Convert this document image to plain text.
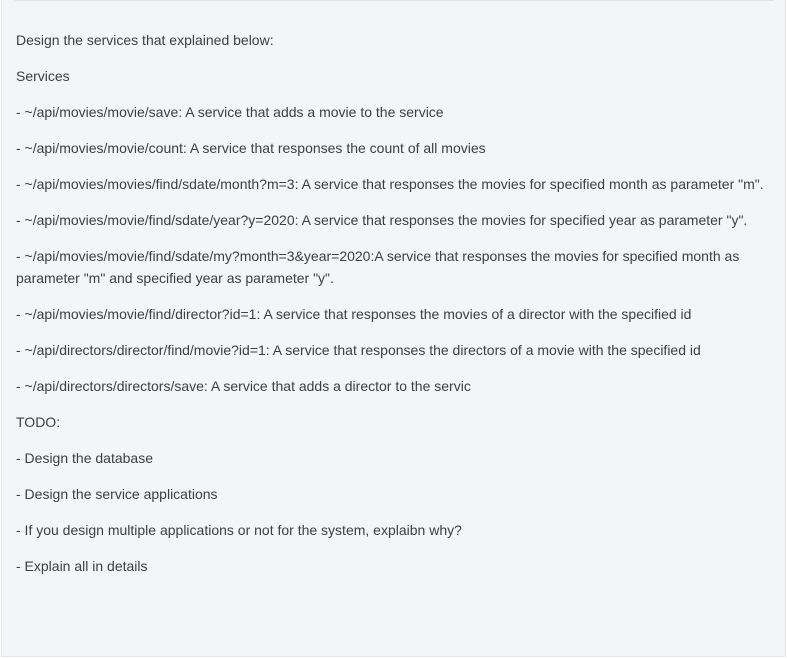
Design the services that explained below:

Services

- ~/api/movies/movie/save: A service that adds a movie to the service

- ~/api/movies/movie/count: A service that responses the count of all movies

- ~/api/movies/movies/find/sdate/month?m=3: A service that responses the movies for specified month as parameter "m".

- ~/api/movies/movie/find/sdate/year?y=2020: A service that responses the movies for specified year as parameter "y".

- ~/api/movies/movie/find/sdate/my?month=3&year=2020:A service that responses the movies for specified month as parameter "m" and specified year as parameter "y".

- ~/api/movies/movie/find/director?id=1: A service that responses the movies of a director with the specified id

- ~/api/directors/director/find/movie?id=1: A service that responses the directors of a movie with the specified id

- ~/api/directors/directors/save: A service that adds a director to the servic

TODO:

- Design the database

- Design the service applications

- If you design multiple applications or not for the system, explaibn why?

- Explain all in details
